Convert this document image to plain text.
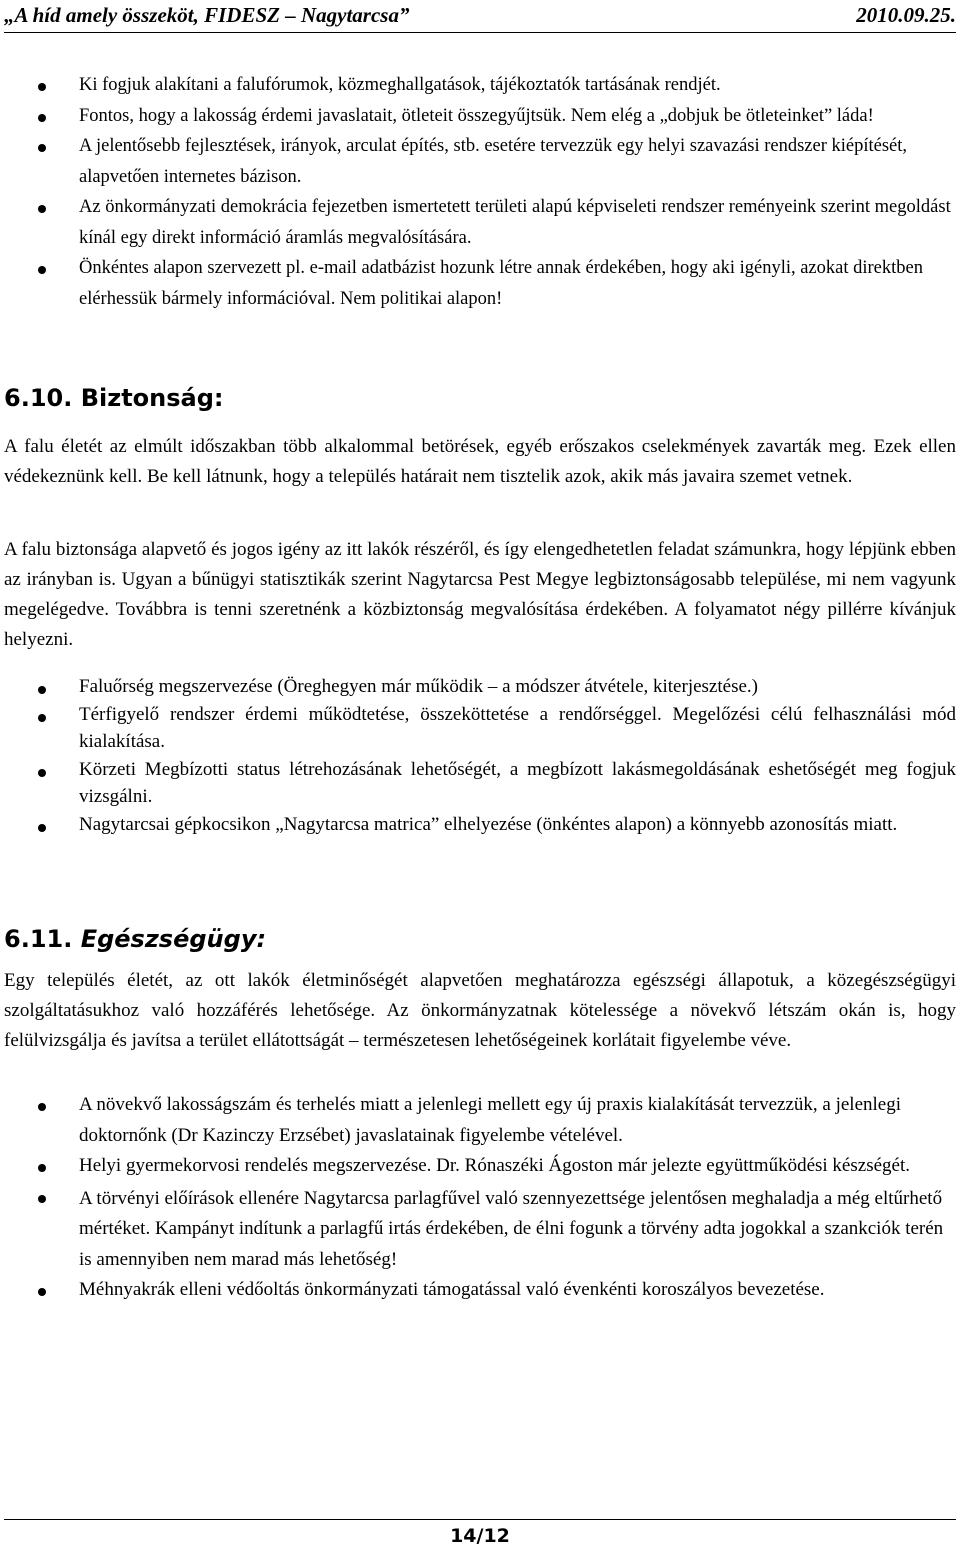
„A híd amely összeköt, FIDESZ – Nagytarcsa”	2010.09.25.
Ki fogjuk alakítani a falufórumok, közmeghallgatások, tájékoztatók tartásának rendjét.
Fontos, hogy a lakosság érdemi javaslatait, ötleteit összegyűjtsük. Nem elég a „dobjuk be ötleteinket” láda!
A jelentősebb fejlesztések, irányok, arculat építés, stb. esetére tervezzük egy helyi szavazási rendszer kiépítését, alapvetően internetes bázison.
Az önkormányzati demokrácia fejezetben ismertetett területi alapú képviseleti rendszer reményeink szerint megoldást kínál egy direkt információ áramlás megvalósítására.
Önkéntes alapon szervezett pl. e-mail adatbázist hozunk létre annak érdekében, hogy aki igényli, azokat direktben elérhessük bármely információval. Nem politikai alapon!
6.10. Biztonság:
A falu életét az elmúlt időszakban több alkalommal betörések, egyéb erőszakos cselekmények zavarták meg. Ezek ellen védekeznünk kell. Be kell látnunk, hogy a település határait nem tisztelik azok, akik más javaira szemet vetnek.
A falu biztonsága alapvető és jogos igény az itt lakók részéről, és így elengedhetetlen feladat számunkra, hogy lépjünk ebben az irányban is. Ugyan a bűnügyi statisztikák szerint Nagytarcsa Pest Megye legbiztonságosabb települése, mi nem vagyunk megelégedve. Továbbra is tenni szeretnénk a közbiztonság megvalósítása érdekében. A folyamatot négy pillérre kívánjuk helyezni.
Faluőrség megszervezése (Öreghegyen már működik – a módszer átvétele, kiterjesztése.)
Térfigyelő rendszer érdemi működtetése, összeköttetése a rendőrséggel. Megelőzési célú felhasználási mód kialakítása.
Körzeti Megbízotti status létrehozásának lehetőségét, a megbízott lakásmegoldásának eshetőségét meg fogjuk vizsgálni.
Nagytarcsai gépkocsikon „Nagytarcsa matrica” elhelyezése (önkéntes alapon) a könnyebb azonosítás miatt.
6.11. Egészségügy:
Egy település életét, az ott lakók életminőségét alapvetően meghatározza egészségi állapotuk, a közegészségügyi szolgáltatásukhoz való hozzáférés lehetősége. Az önkormányzatnak kötelessége a növekvő létszám okán is, hogy felülvizsgálja és javítsa a terület ellátottságát – természetesen lehetőségeinek korlátait figyelembe véve.
A növekvő lakosságszám és terhelés miatt a jelenlegi mellett egy új praxis kialakítását tervezzük, a jelenlegi doktornőnk (Dr Kazinczy Erzsébet) javaslatainak figyelembe vételével.
Helyi gyermekorvosi rendelés megszervezése. Dr. Rónaszéki Ágoston már jelezte együttműködési készségét.
A törvényi előírások ellenére Nagytarcsa parlagfűvel való szennyezettsége jelentősen meghaladja a még eltűrhető mértéket. Kampányt indítunk a parlagfű irtás érdekében, de élni fogunk a törvény adta jogokkal a szankciók terén is amennyiben nem marad más lehetőség!
Méhnyakrák elleni védőoltás önkormányzati támogatással való évenkénti koroszályos bevezetése.
14/12
